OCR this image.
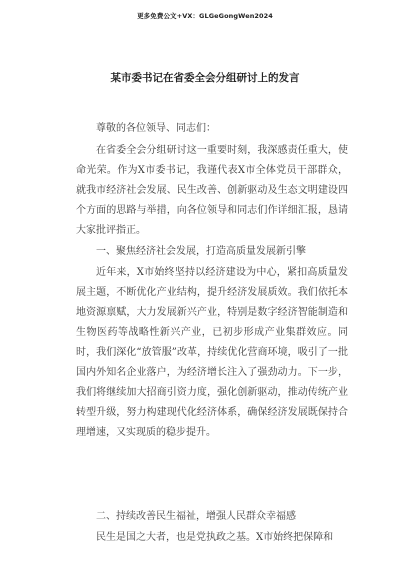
更多免费公文+VX：GLGeGongWen2024
某市委书记在省委全会分组研讨上的发言

尊敬的各位领导、同志们：

在省委全会分组研讨这一重要时刻，我深感责任重大，使命光荣。作为X市委书记，我谨代表X市全体党员干部群众，就我市经济社会发展、民生改善、创新驱动及生态文明建设四个方面的思路与举措，向各位领导和同志们作详细汇报，恳请大家批评指正。

一、聚焦经济社会发展，打造高质量发展新引擎

近年来，X市始终坚持以经济建设为中心，紧扣高质量发展主题，不断优化产业结构，提升经济发展质效。我们依托本地资源禀赋，大力发展新兴产业，特别是数字经济智能制造和生物医药等战略性新兴产业，已初步形成产业集群效应。同时，我们深化“放管服”改革，持续优化营商环境，吸引了一批国内外知名企业落户，为经济增长注入了强劲动力。下一步，我们将继续加大招商引资力度，强化创新驱动，推动传统产业转型升级，努力构建现代化经济体系，确保经济发展既保持合理增速，又实现质的稳步提升。

二、持续改善民生福祉，增强人民群众幸福感

民生是国之大者，也是党执政之基。X市始终把保障和
